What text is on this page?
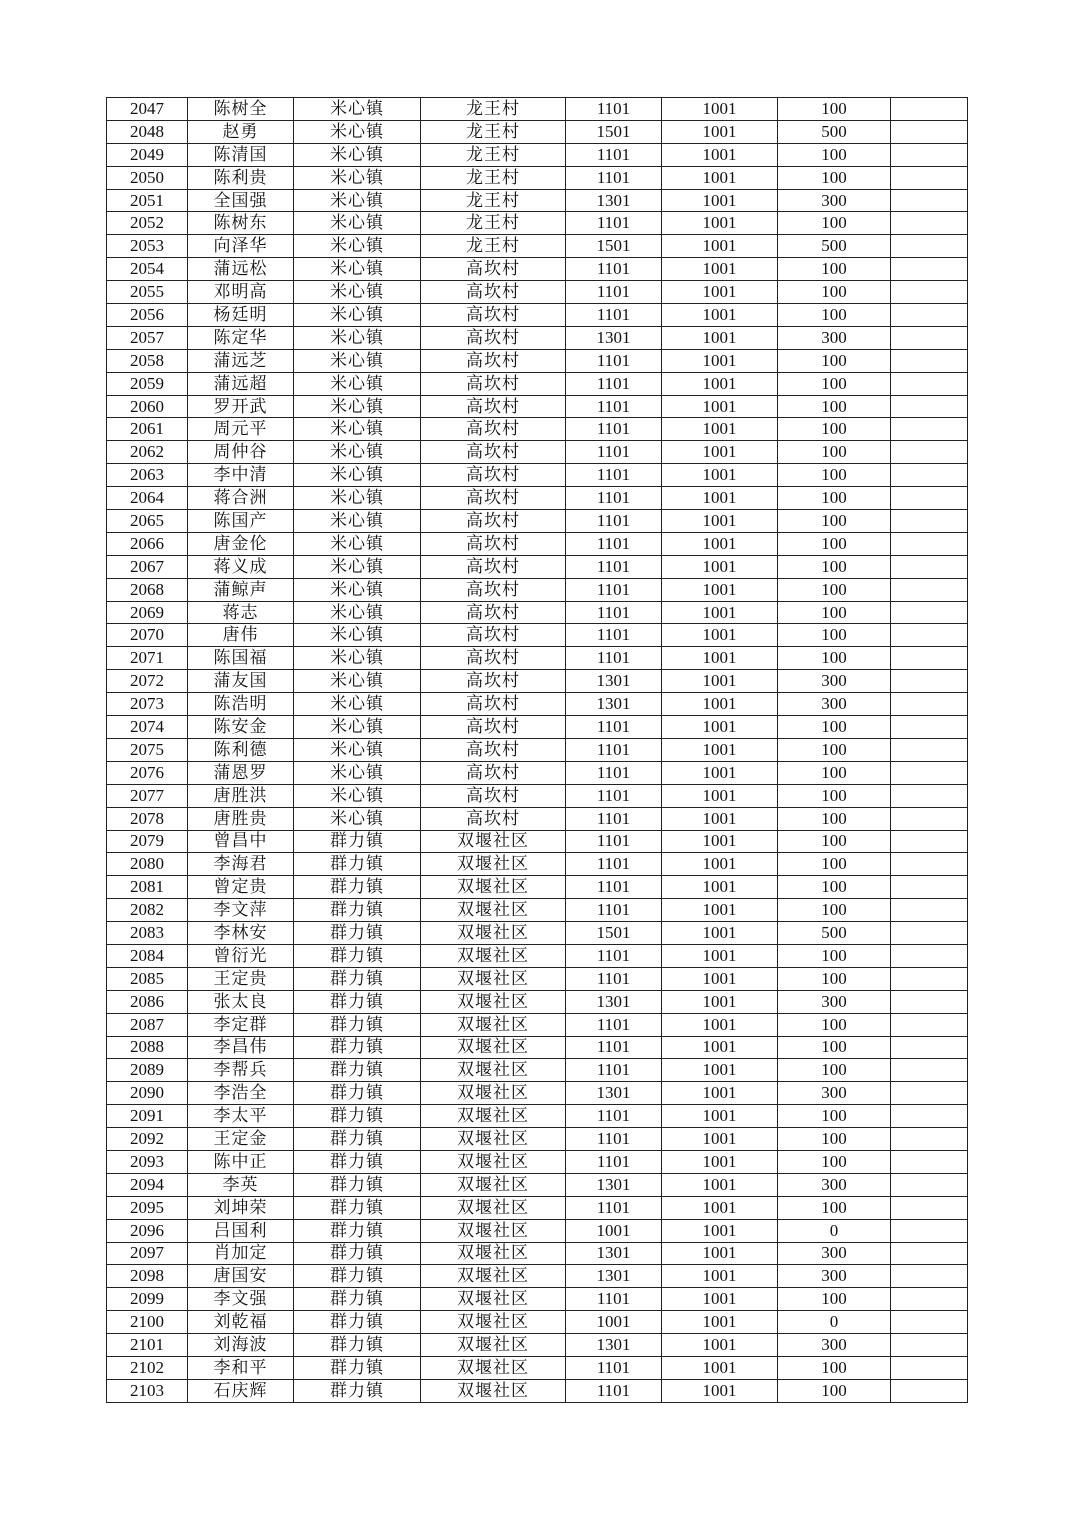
2047	陈树全	米心镇	龙王村	1101	1001	100	
2048	赵勇	米心镇	龙王村	1501	1001	500	
2049	陈清国	米心镇	龙王村	1101	1001	100	
2050	陈利贵	米心镇	龙王村	1101	1001	100	
2051	全国强	米心镇	龙王村	1301	1001	300	
2052	陈树东	米心镇	龙王村	1101	1001	100	
2053	向泽华	米心镇	龙王村	1501	1001	500	
2054	蒲远松	米心镇	高坎村	1101	1001	100	
2055	邓明高	米心镇	高坎村	1101	1001	100	
2056	杨廷明	米心镇	高坎村	1101	1001	100	
2057	陈定华	米心镇	高坎村	1301	1001	300	
2058	蒲远芝	米心镇	高坎村	1101	1001	100	
2059	蒲远超	米心镇	高坎村	1101	1001	100	
2060	罗开武	米心镇	高坎村	1101	1001	100	
2061	周元平	米心镇	高坎村	1101	1001	100	
2062	周仲谷	米心镇	高坎村	1101	1001	100	
2063	李中清	米心镇	高坎村	1101	1001	100	
2064	蒋合洲	米心镇	高坎村	1101	1001	100	
2065	陈国产	米心镇	高坎村	1101	1001	100	
2066	唐金伦	米心镇	高坎村	1101	1001	100	
2067	蒋义成	米心镇	高坎村	1101	1001	100	
2068	蒲鲸声	米心镇	高坎村	1101	1001	100	
2069	蒋志	米心镇	高坎村	1101	1001	100	
2070	唐伟	米心镇	高坎村	1101	1001	100	
2071	陈国福	米心镇	高坎村	1101	1001	100	
2072	蒲友国	米心镇	高坎村	1301	1001	300	
2073	陈浩明	米心镇	高坎村	1301	1001	300	
2074	陈安金	米心镇	高坎村	1101	1001	100	
2075	陈利德	米心镇	高坎村	1101	1001	100	
2076	蒲恩罗	米心镇	高坎村	1101	1001	100	
2077	唐胜洪	米心镇	高坎村	1101	1001	100	
2078	唐胜贵	米心镇	高坎村	1101	1001	100	
2079	曾昌中	群力镇	双堰社区	1101	1001	100	
2080	李海君	群力镇	双堰社区	1101	1001	100	
2081	曾定贵	群力镇	双堰社区	1101	1001	100	
2082	李文萍	群力镇	双堰社区	1101	1001	100	
2083	李林安	群力镇	双堰社区	1501	1001	500	
2084	曾衍光	群力镇	双堰社区	1101	1001	100	
2085	王定贵	群力镇	双堰社区	1101	1001	100	
2086	张太良	群力镇	双堰社区	1301	1001	300	
2087	李定群	群力镇	双堰社区	1101	1001	100	
2088	李昌伟	群力镇	双堰社区	1101	1001	100	
2089	李帮兵	群力镇	双堰社区	1101	1001	100	
2090	李浩全	群力镇	双堰社区	1301	1001	300	
2091	李太平	群力镇	双堰社区	1101	1001	100	
2092	王定金	群力镇	双堰社区	1101	1001	100	
2093	陈中正	群力镇	双堰社区	1101	1001	100	
2094	李英	群力镇	双堰社区	1301	1001	300	
2095	刘坤荣	群力镇	双堰社区	1101	1001	100	
2096	吕国利	群力镇	双堰社区	1001	1001	0	
2097	肖加定	群力镇	双堰社区	1301	1001	300	
2098	唐国安	群力镇	双堰社区	1301	1001	300	
2099	李文强	群力镇	双堰社区	1101	1001	100	
2100	刘乾福	群力镇	双堰社区	1001	1001	0	
2101	刘海波	群力镇	双堰社区	1301	1001	300	
2102	李和平	群力镇	双堰社区	1101	1001	100	
2103	石庆辉	群力镇	双堰社区	1101	1001	100	
